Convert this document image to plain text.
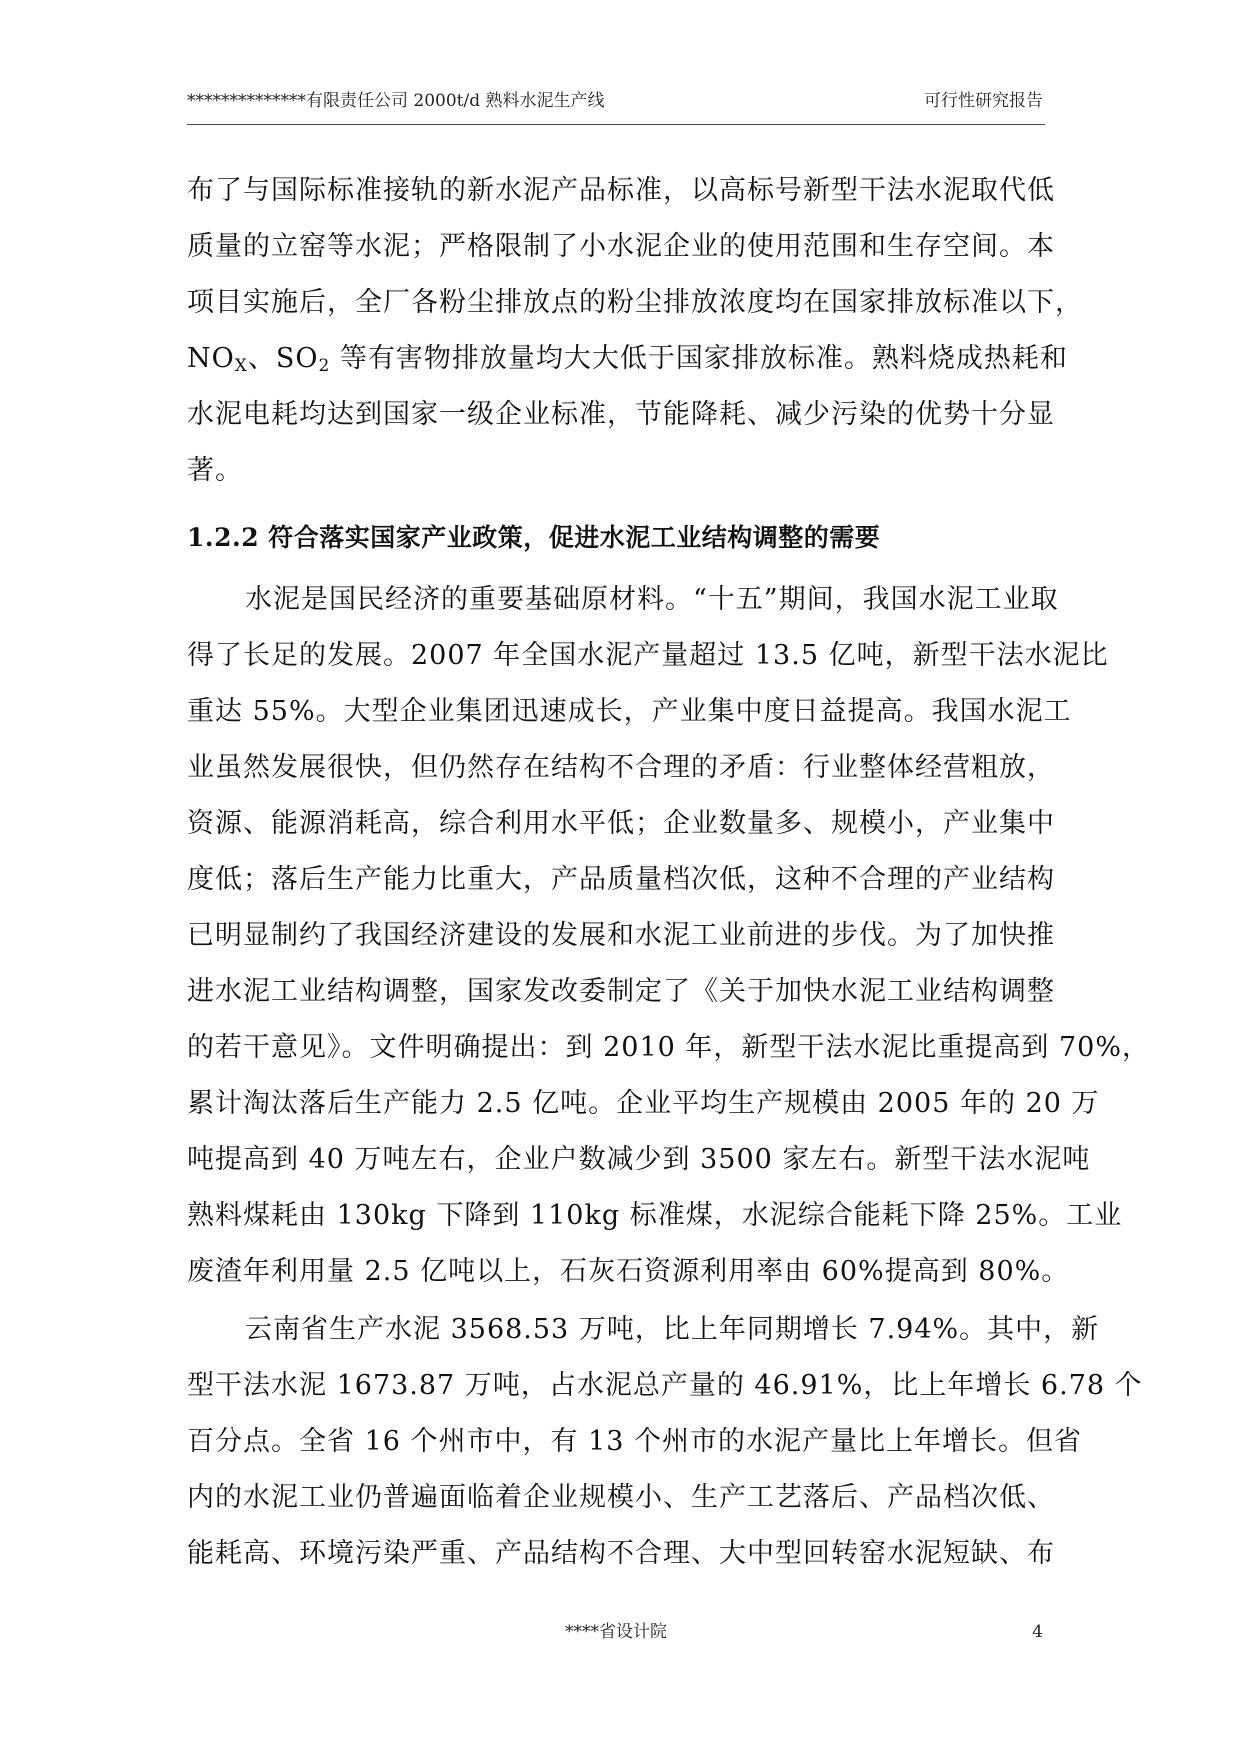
**************有限责任公司 2000t/d 熟料水泥生产线	可行性研究报告
布了与国际标准接轨的新水泥产品标准，以高标号新型干法水泥取代低
质量的立窑等水泥；严格限制了小水泥企业的使用范围和生存空间。本
项目实施后，全厂各粉尘排放点的粉尘排放浓度均在国家排放标准以下，
$NO_X$、$SO_2$ 等有害物排放量均大大低于国家排放标准。熟料烧成热耗和
水泥电耗均达到国家一级企业标准，节能降耗、减少污染的优势十分显
著。
1.2.2 符合落实国家产业政策，促进水泥工业结构调整的需要
水泥是国民经济的重要基础原材料。“十五”期间，我国水泥工业取
得了长足的发展。2007 年全国水泥产量超过 13.5 亿吨，新型干法水泥比
重达 55%。大型企业集团迅速成长，产业集中度日益提高。我国水泥工
业虽然发展很快，但仍然存在结构不合理的矛盾：行业整体经营粗放，
资源、能源消耗高，综合利用水平低；企业数量多、规模小，产业集中
度低；落后生产能力比重大，产品质量档次低，这种不合理的产业结构
已明显制约了我国经济建设的发展和水泥工业前进的步伐。为了加快推
进水泥工业结构调整，国家发改委制定了《关于加快水泥工业结构调整
的若干意见》。文件明确提出：到 2010 年，新型干法水泥比重提高到 70%，
累计淘汰落后生产能力 2.5 亿吨。企业平均生产规模由 2005 年的 20 万
吨提高到 40 万吨左右，企业户数减少到 3500 家左右。新型干法水泥吨
熟料煤耗由 130kg 下降到 110kg 标准煤，水泥综合能耗下降 25%。工业
废渣年利用量 2.5 亿吨以上，石灰石资源利用率由 60%提高到 80%。
云南省生产水泥 3568.53 万吨，比上年同期增长 7.94%。其中，新
型干法水泥 1673.87 万吨，占水泥总产量的 46.91%，比上年增长 6.78 个
百分点。全省 16 个州市中，有 13 个州市的水泥产量比上年增长。但省
内的水泥工业仍普遍面临着企业规模小、生产工艺落后、产品档次低、
能耗高、环境污染严重、产品结构不合理、大中型回转窑水泥短缺、布
****省设计院	4
